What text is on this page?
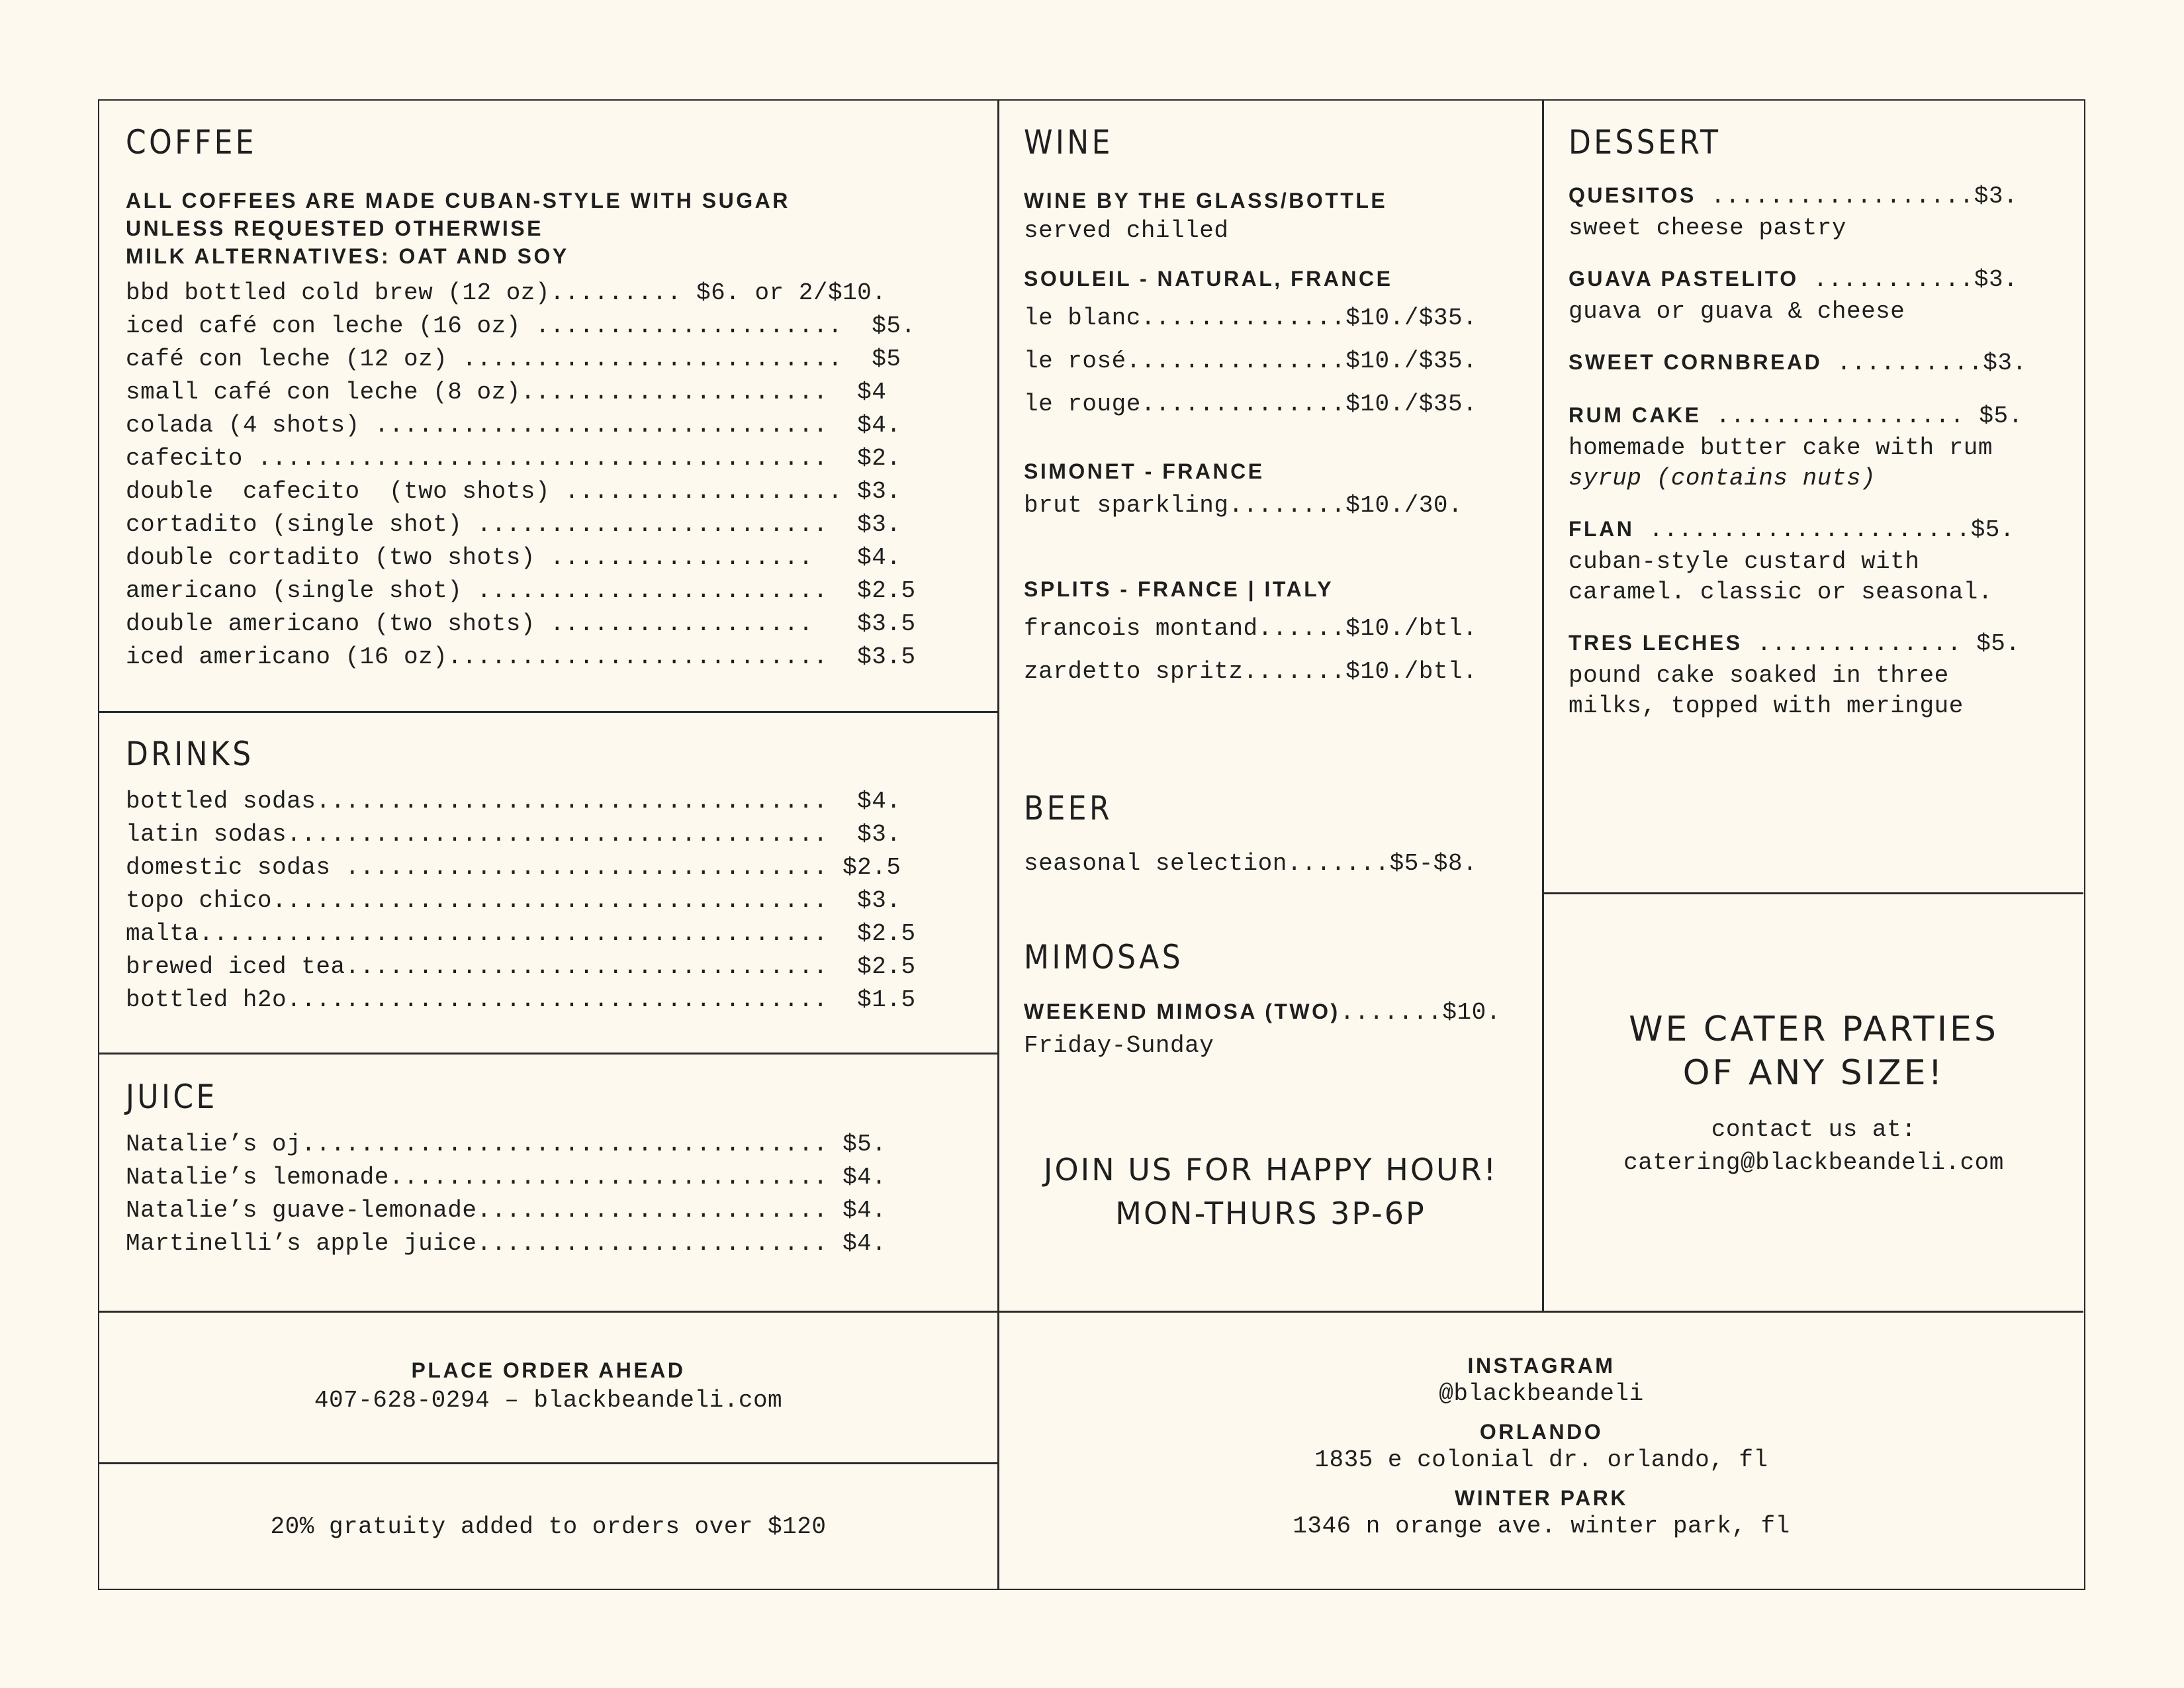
COFFEE
ALL COFFEES ARE MADE CUBAN-STYLE WITH SUGAR
UNLESS REQUESTED OTHERWISE
MILK ALTERNATIVES: OAT AND SOY
bbd bottled cold brew (12 oz)......... $6. or 2/$10.
iced café con leche (16 oz) .....................  $5.
café con leche (12 oz) ..........................  $5
small café con leche (8 oz).....................  $4
colada (4 shots) ...............................  $4.
cafecito .......................................  $2.
double  cafecito  (two shots) ................... $3.
cortadito (single shot) ........................  $3.
double cortadito (two shots) ..................   $4.
americano (single shot) ........................  $2.5
double americano (two shots) ..................   $3.5
iced americano (16 oz)..........................  $3.5
DRINKS
bottled sodas...................................  $4.
latin sodas.....................................  $3.
domestic sodas ................................. $2.5
topo chico......................................  $3.
malta...........................................  $2.5
brewed iced tea.................................  $2.5
bottled h2o.....................................  $1.5
JUICE
Natalie’s oj.................................... $5.
Natalie’s lemonade.............................. $4.
Natalie’s guave-lemonade........................ $4.
Martinelli’s apple juice........................ $4.
WINE
WINE BY THE GLASS/BOTTLE
served chilled
SOULEIL - NATURAL, FRANCE
le blanc..............$10./$35.
le rosé...............$10./$35.
le rouge..............$10./$35.
SIMONET - FRANCE
brut sparkling........$10./30.
SPLITS - FRANCE | ITALY
francois montand......$10./btl.
zardetto spritz.......$10./btl.
BEER
seasonal selection.......$5-$8.
MIMOSAS
WEEKEND MIMOSA (TWO).......$10.
Friday-Sunday
JOIN US FOR HAPPY HOUR!
MON-THURS 3P-6P
DESSERT
QUESITOS ..................$3.
sweet cheese pastry
GUAVA PASTELITO ...........$3.
guava or guava & cheese
SWEET CORNBREAD ..........$3.
RUM CAKE ................. $5.
homemade butter cake with rum
syrup (contains nuts)
FLAN ......................$5.
cuban-style custard with
caramel. classic or seasonal.
TRES LECHES .............. $5.
pound cake soaked in three
milks, topped with meringue
WE CATER PARTIES
OF ANY SIZE!
contact us at:
catering@blackbeandeli.com
PLACE ORDER AHEAD
407-628-0294 – blackbeandeli.com
20% gratuity added to orders over $120
INSTAGRAM
@blackbeandeli
ORLANDO
1835 e colonial dr. orlando, fl
WINTER PARK
1346 n orange ave. winter park, fl
